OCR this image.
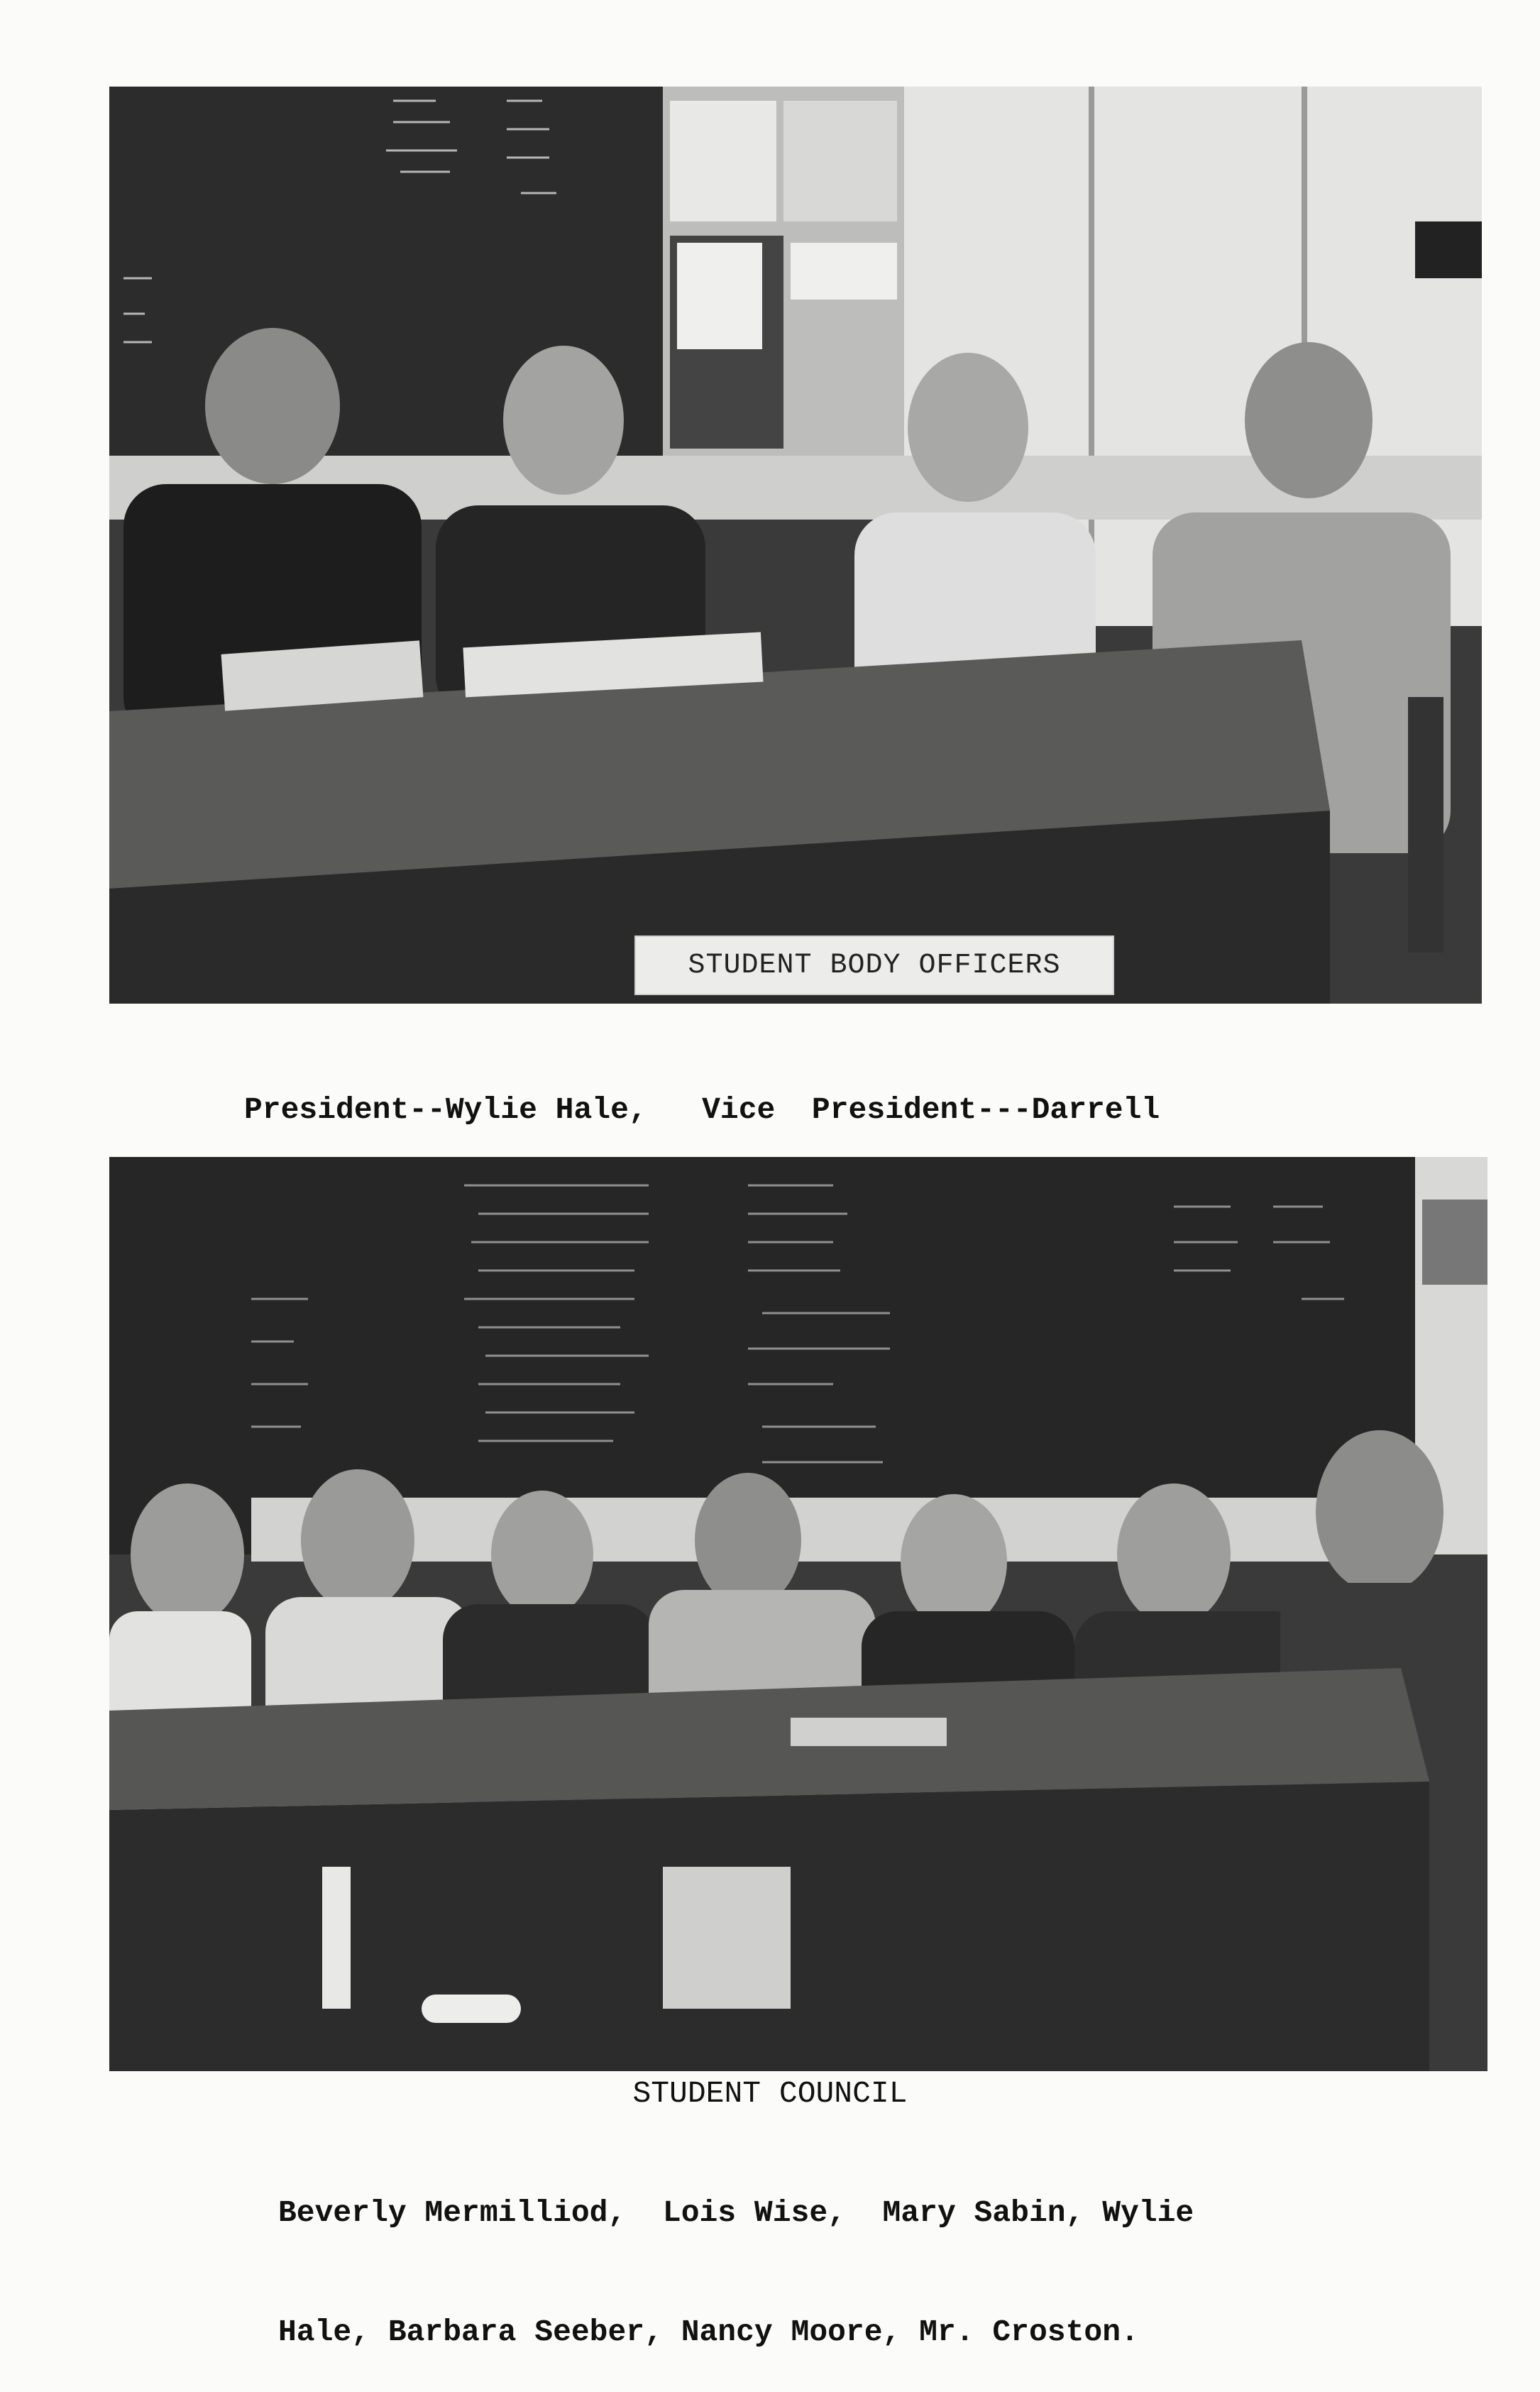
STUDENT BODY OFFICERS

President--Wylie Hale,   Vice  President---Darrell

STUDENT COUNCIL

Beverly Mermilliod,  Lois Wise,  Mary Sabin, Wylie

Hale, Barbara Seeber, Nancy Moore, Mr. Croston.
